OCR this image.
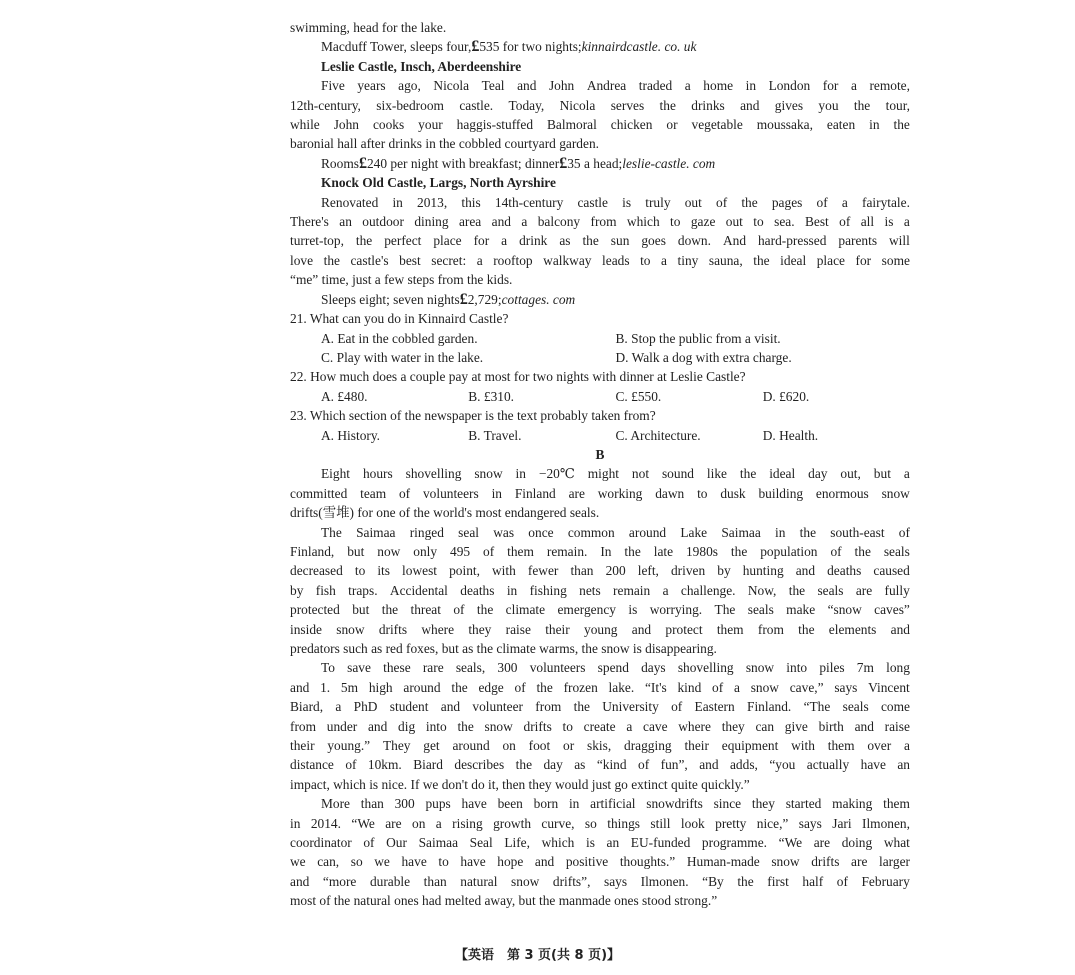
swimming, head for the lake.
Macduff Tower, sleeps four, £ 535 for two nights; kinnairdcastle. co. uk
Leslie Castle, Insch, Aberdeenshire
Five years ago, Nicola Teal and John Andrea traded a home in London for a remote,
12th-century, six-bedroom castle. Today, Nicola serves the drinks and gives you the tour,
while John cooks your haggis-stuffed Balmoral chicken or vegetable moussaka, eaten in the
baronial hall after drinks in the cobbled courtyard garden.
Rooms £ 240 per night with breakfast; dinner £ 35 a head; leslie-castle. com
Knock Old Castle, Largs, North Ayrshire
Renovated in 2013, this 14th-century castle is truly out of the pages of a fairytale.
There's an outdoor dining area and a balcony from which to gaze out to sea. Best of all is a
turret-top, the perfect place for a drink as the sun goes down. And hard-pressed parents will
love the castle's best secret: a rooftop walkway leads to a tiny sauna, the ideal place for some
“me” time, just a few steps from the kids.
Sleeps eight; seven nights £ 2,729; cottages. com
21. What can you do in Kinnaird Castle?
A. Eat in the cobbled garden.	B. Stop the public from a visit.
C. Play with water in the lake.	D. Walk a dog with extra charge.
22. How much does a couple pay at most for two nights with dinner at Leslie Castle?
A. £480.	B. £310.	C. £550.	D. £620.
23. Which section of the newspaper is the text probably taken from?
A. History.	B. Travel.	C. Architecture.	D. Health.
B
Eight hours shovelling snow in −20℃ might not sound like the ideal day out, but a
committed team of volunteers in Finland are working dawn to dusk building enormous snow
drifts(雪堆) for one of the world's most endangered seals.
The Saimaa ringed seal was once common around Lake Saimaa in the south-east of
Finland, but now only 495 of them remain. In the late 1980s the population of the seals
decreased to its lowest point, with fewer than 200 left, driven by hunting and deaths caused
by fish traps. Accidental deaths in fishing nets remain a challenge. Now, the seals are fully
protected but the threat of the climate emergency is worrying. The seals make “snow caves”
inside snow drifts where they raise their young and protect them from the elements and
predators such as red foxes, but as the climate warms, the snow is disappearing.
To save these rare seals, 300 volunteers spend days shovelling snow into piles 7m long
and 1. 5m high around the edge of the frozen lake. “It's kind of a snow cave,” says Vincent
Biard, a PhD student and volunteer from the University of Eastern Finland. “The seals come
from under and dig into the snow drifts to create a cave where they can give birth and raise
their young.” They get around on foot or skis, dragging their equipment with them over a
distance of 10km. Biard describes the day as “kind of fun”, and adds, “you actually have an
impact, which is nice. If we don't do it, then they would just go extinct quite quickly.”
More than 300 pups have been born in artificial snowdrifts since they started making them
in 2014. “We are on a rising growth curve, so things still look pretty nice,” says Jari Ilmonen,
coordinator of Our Saimaa Seal Life, which is an EU-funded programme. “We are doing what
we can, so we have to have hope and positive thoughts.” Human-made snow drifts are larger
and “more durable than natural snow drifts”, says Ilmonen. “By the first half of February
most of the natural ones had melted away, but the manmade ones stood strong.”
【英语　第 3 页(共 8 页)】
